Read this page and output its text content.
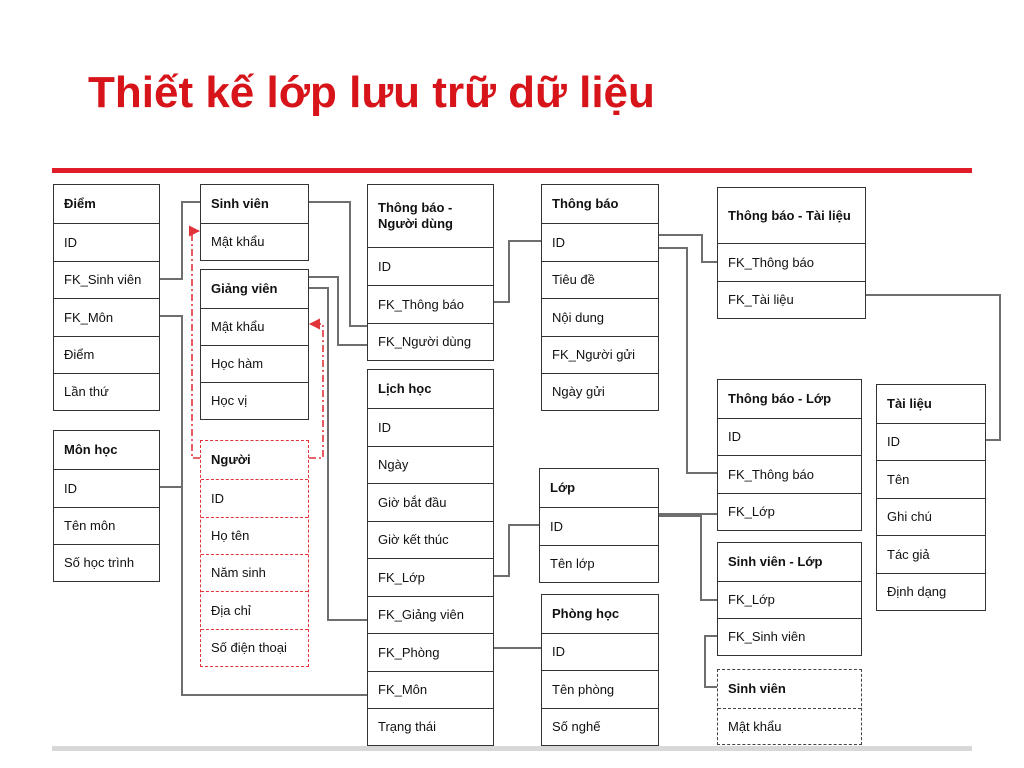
Thiết kế lớp lưu trữ dữ liệu
Điểm
ID
FK_Sinh viên
FK_Môn
Điểm
Lần thứ
Môn học
ID
Tên môn
Số học trình
Sinh viên
Mật khẩu
Giảng viên
Mật khẩu
Học hàm
Học vị
Người
ID
Họ tên
Năm sinh
Địa chỉ
Số điện thoại
Thông báo - Người dùng
ID
FK_Thông báo
FK_Người dùng
Lịch học
ID
Ngày
Giờ bắt đầu
Giờ kết thúc
FK_Lớp
FK_Giảng viên
FK_Phòng
FK_Môn
Trạng thái
Thông báo
ID
Tiêu đề
Nội dung
FK_Người gửi
Ngày gửi
Lớp
ID
Tên lớp
Phòng học
ID
Tên phòng
Số nghế
Thông báo - Tài liệu
FK_Thông báo
FK_Tài liệu
Thông báo - Lớp
ID
FK_Thông báo
FK_Lớp
Sinh viên - Lớp
FK_Lớp
FK_Sinh viên
Sinh viên
Mật khẩu
Tài liệu
ID
Tên
Ghi chú
Tác giả
Định dạng
